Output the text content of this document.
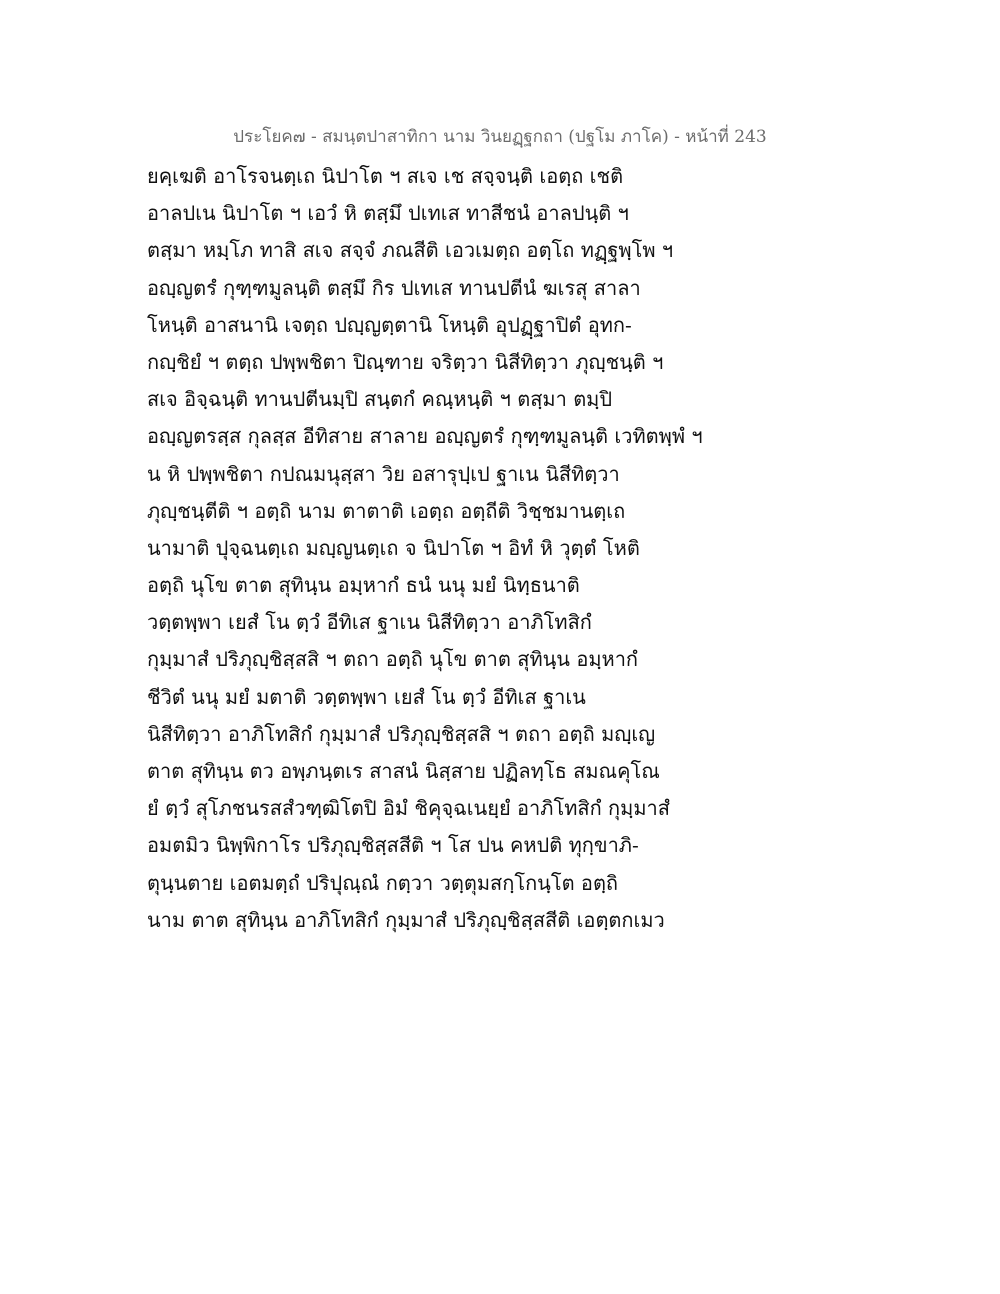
ประโยค๗ - สมนฺตปาสาทิกา นาม วินยฏฺฐกถา (ปฐโม ภาโค) - หน้าที่ 243
ยคฺเฆติ อาโรจนตฺเถ นิปาโต ฯ สเจ เช สจฺจนฺติ เอตฺถ เชติ
อาลปเน นิปาโต ฯ เอวํ หิ ตสฺมึ ปเทเส ทาสีชนํ อาลปนฺติ ฯ
ตสฺมา หมฺโภ ทาสิ สเจ สจฺจํ ภณสีติ เอวเมตฺถ อตฺโถ ทฏฺฐพฺโพ ฯ
อญฺญตรํ กุฑฺฑมูลนฺติ ตสฺมึ กิร ปเทเส ทานปตีนํ ฆเรสุ สาลา
โหนฺติ อาสนานิ เจตฺถ ปญฺญตฺตานิ โหนฺติ อุปฏฺฐาปิตํ อุทก-
กญฺชิยํ ฯ ตตฺถ ปพฺพชิตา ปิณฺฑาย จริตฺวา นิสีทิตฺวา ภุญฺชนฺติ ฯ
สเจ อิจฺฉนฺติ ทานปตีนมฺปิ สนฺตกํ คณฺหนฺติ ฯ ตสฺมา ตมฺปิ
อญฺญตรสฺส กุลสฺส อีทิสาย สาลาย อญฺญตรํ กุฑฺฑมูลนฺติ เวทิตพฺพํ ฯ
น หิ ปพฺพชิตา กปณมนุสฺสา วิย อสารุปฺเป ฐาเน นิสีทิตฺวา
ภุญฺชนฺตีติ ฯ อตฺถิ นาม ตาตาติ เอตฺถ อตฺถีติ วิชฺชมานตฺเถ
นามาติ ปุจฺฉนตฺเถ มญฺญนตฺเถ จ นิปาโต ฯ อิทํ หิ วุตฺตํ โหติ
อตฺถิ นุโข ตาต สุทินฺน อมฺหากํ ธนํ นนุ มยํ นิทฺธนาติ
วตฺตพฺพา เยสํ โน ตฺวํ อีทิเส ฐาเน นิสีทิตฺวา อาภิโทสิกํ
กุมฺมาสํ ปริภุญฺชิสฺสสิ ฯ ตถา อตฺถิ นุโข ตาต สุทินฺน อมฺหากํ
ชีวิตํ นนุ มยํ มตาติ วตฺตพฺพา เยสํ โน ตฺวํ อีทิเส ฐาเน
นิสีทิตฺวา อาภิโทสิกํ กุมฺมาสํ ปริภุญฺชิสฺสสิ ฯ ตถา อตฺถิ มญฺเญ
ตาต สุทินฺน ตว อพฺภนฺตเร สาสนํ นิสฺสาย ปฏิลทฺโธ สมณคุโณ
ยํ ตฺวํ สุโภชนรสสํวฑฺฒิโตปิ อิมํ ชิคุจฺฉเนยฺยํ อาภิโทสิกํ กุมฺมาสํ
อมตมิว นิพฺพิกาโร ปริภุญฺชิสฺสสีติ ฯ โส ปน คหปติ ทุกฺขาภิ-
ตุนฺนตาย เอตมตฺถํ ปริปุณฺณํ กตฺวา วตฺตุมสกฺโกนฺโต อตฺถิ
นาม ตาต สุทินฺน อาภิโทสิกํ กุมฺมาสํ ปริภุญฺชิสฺสสีติ เอตฺตกเมว
